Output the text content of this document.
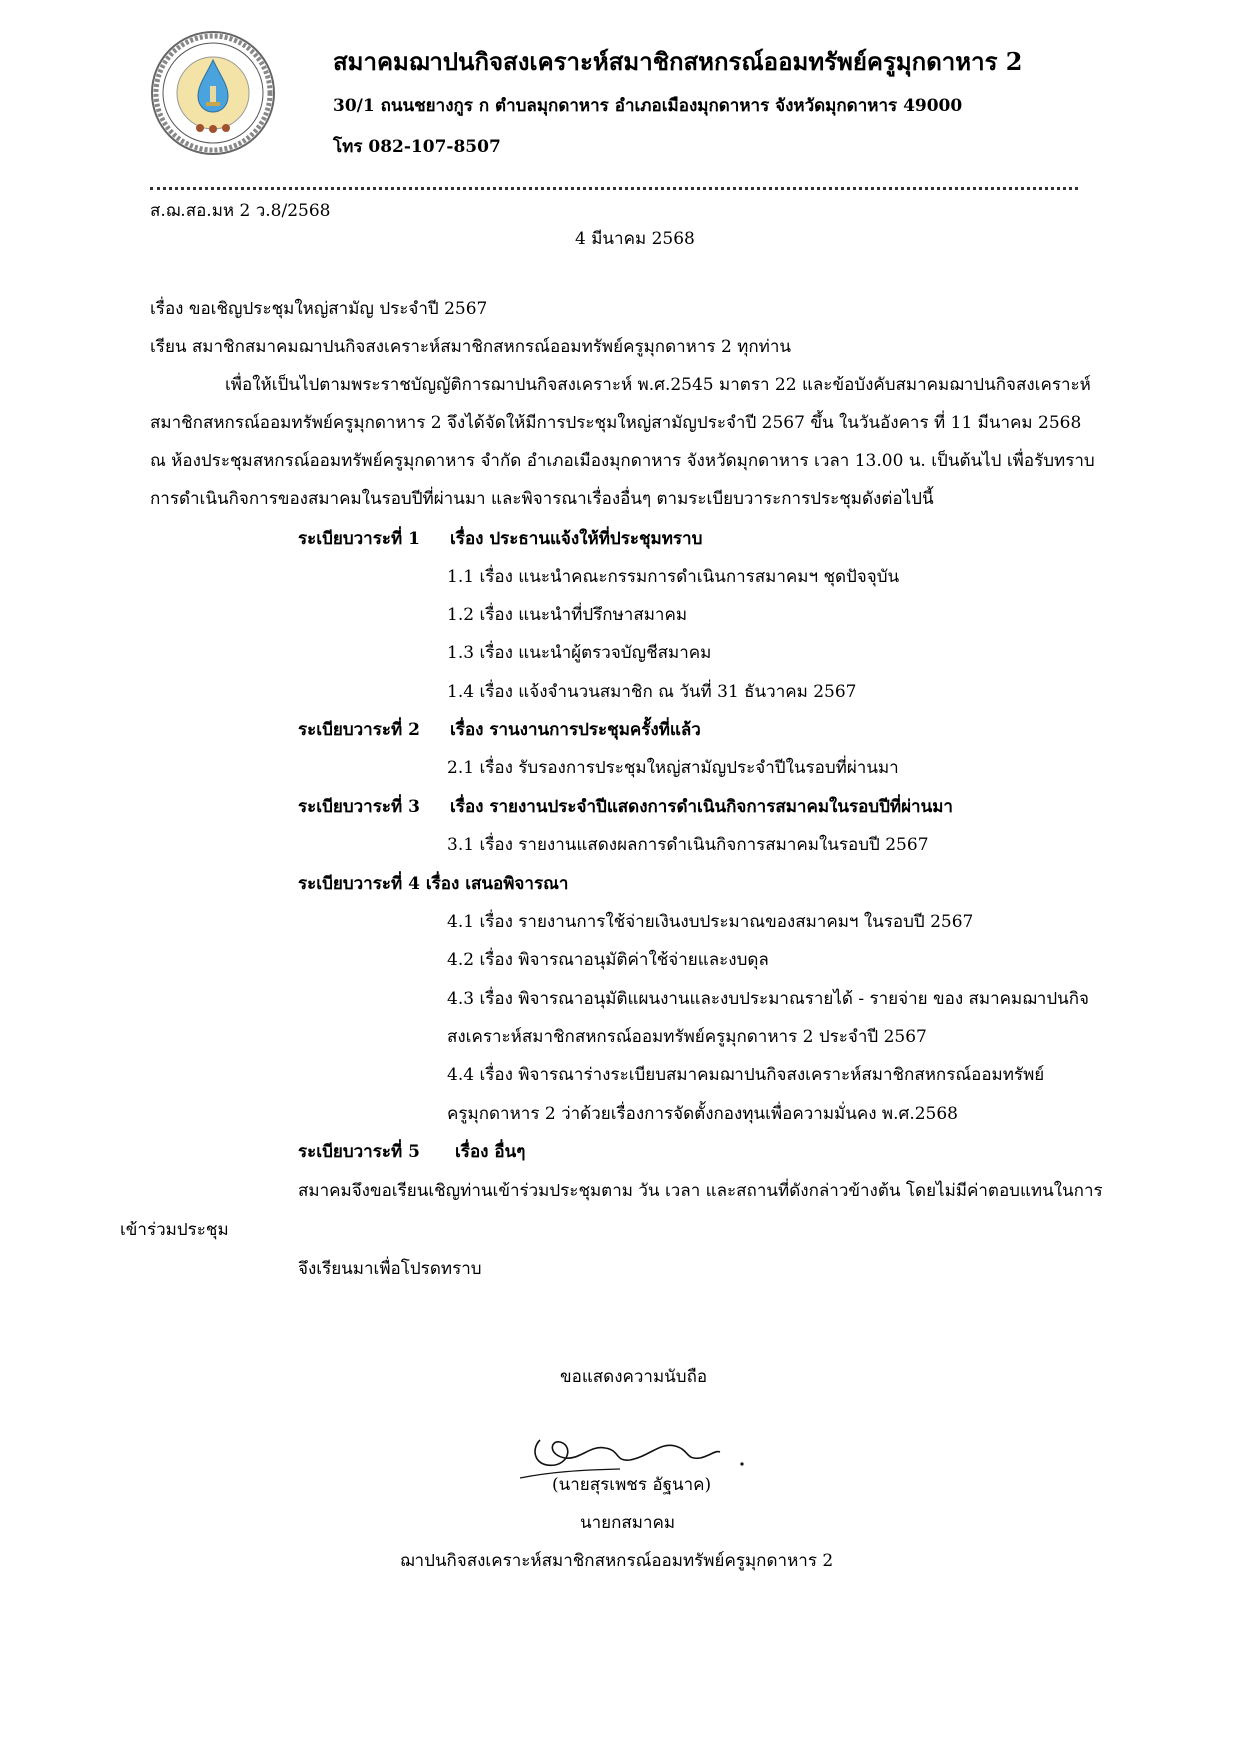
สมาคมฌาปนกิจสงเคราะห์สมาชิกสหกรณ์ออมทรัพย์ครูมุกดาหาร 2
30/1 ถนนชยางกูร ก ตำบลมุกดาหาร อำเภอเมืองมุกดาหาร จังหวัดมุกดาหาร 49000
โทร 082-107-8507
ส.ฌ.สอ.มห 2 ว.8/2568
4 มีนาคม 2568
เรื่อง ขอเชิญประชุมใหญ่สามัญ ประจำปี 2567
เรียน สมาชิกสมาคมฌาปนกิจสงเคราะห์สมาชิกสหกรณ์ออมทรัพย์ครูมุกดาหาร 2 ทุกท่าน
เพื่อให้เป็นไปตามพระราชบัญญัติการฌาปนกิจสงเคราะห์ พ.ศ.2545 มาตรา 22 และข้อบังคับสมาคมฌาปนกิจสงเคราะห์
สมาชิกสหกรณ์ออมทรัพย์ครูมุกดาหาร 2 จึงได้จัดให้มีการประชุมใหญ่สามัญประจำปี 2567 ขึ้น ในวันอังคาร ที่ 11 มีนาคม 2568
ณ ห้องประชุมสหกรณ์ออมทรัพย์ครูมุกดาหาร จำกัด อำเภอเมืองมุกดาหาร จังหวัดมุกดาหาร เวลา 13.00 น. เป็นต้นไป เพื่อรับทราบ
การดำเนินกิจการของสมาคมในรอบปีที่ผ่านมา และพิจารณาเรื่องอื่นๆ ตามระเบียบวาระการประชุมดังต่อไปนี้
ระเบียบวาระที่ 1 เรื่อง ประธานแจ้งให้ที่ประชุมทราบ
1.1 เรื่อง แนะนำคณะกรรมการดำเนินการสมาคมฯ ชุดปัจจุบัน
1.2 เรื่อง แนะนำที่ปรึกษาสมาคม
1.3 เรื่อง แนะนำผู้ตรวจบัญชีสมาคม
1.4 เรื่อง แจ้งจำนวนสมาชิก ณ วันที่ 31 ธันวาคม 2567
ระเบียบวาระที่ 2 เรื่อง รานงานการประชุมครั้งที่แล้ว
2.1 เรื่อง รับรองการประชุมใหญ่สามัญประจำปีในรอบที่ผ่านมา
ระเบียบวาระที่ 3 เรื่อง รายงานประจำปีแสดงการดำเนินกิจการสมาคมในรอบปีที่ผ่านมา
3.1 เรื่อง รายงานแสดงผลการดำเนินกิจการสมาคมในรอบปี 2567
ระเบียบวาระที่ 4 เรื่อง เสนอพิจารณา
4.1 เรื่อง รายงานการใช้จ่ายเงินงบประมาณของสมาคมฯ ในรอบปี 2567
4.2 เรื่อง พิจารณาอนุมัติค่าใช้จ่ายและงบดุล
4.3 เรื่อง พิจารณาอนุมัติแผนงานและงบประมาณรายได้ - รายจ่าย ของ สมาคมฌาปนกิจ
สงเคราะห์สมาชิกสหกรณ์ออมทรัพย์ครูมุกดาหาร 2 ประจำปี 2567
4.4 เรื่อง พิจารณาร่างระเบียบสมาคมฌาปนกิจสงเคราะห์สมาชิกสหกรณ์ออมทรัพย์
ครูมุกดาหาร 2 ว่าด้วยเรื่องการจัดตั้งกองทุนเพื่อความมั่นคง พ.ศ.2568
ระเบียบวาระที่ 5 เรื่อง อื่นๆ
สมาคมจึงขอเรียนเชิญท่านเข้าร่วมประชุมตาม วัน เวลา และสถานที่ดังกล่าวข้างต้น โดยไม่มีค่าตอบแทนในการ
เข้าร่วมประชุม
จึงเรียนมาเพื่อโปรดทราบ
ขอแสดงความนับถือ
(นายสุรเพชร อัฐนาค)
นายกสมาคม
ฌาปนกิจสงเคราะห์สมาชิกสหกรณ์ออมทรัพย์ครูมุกดาหาร 2
